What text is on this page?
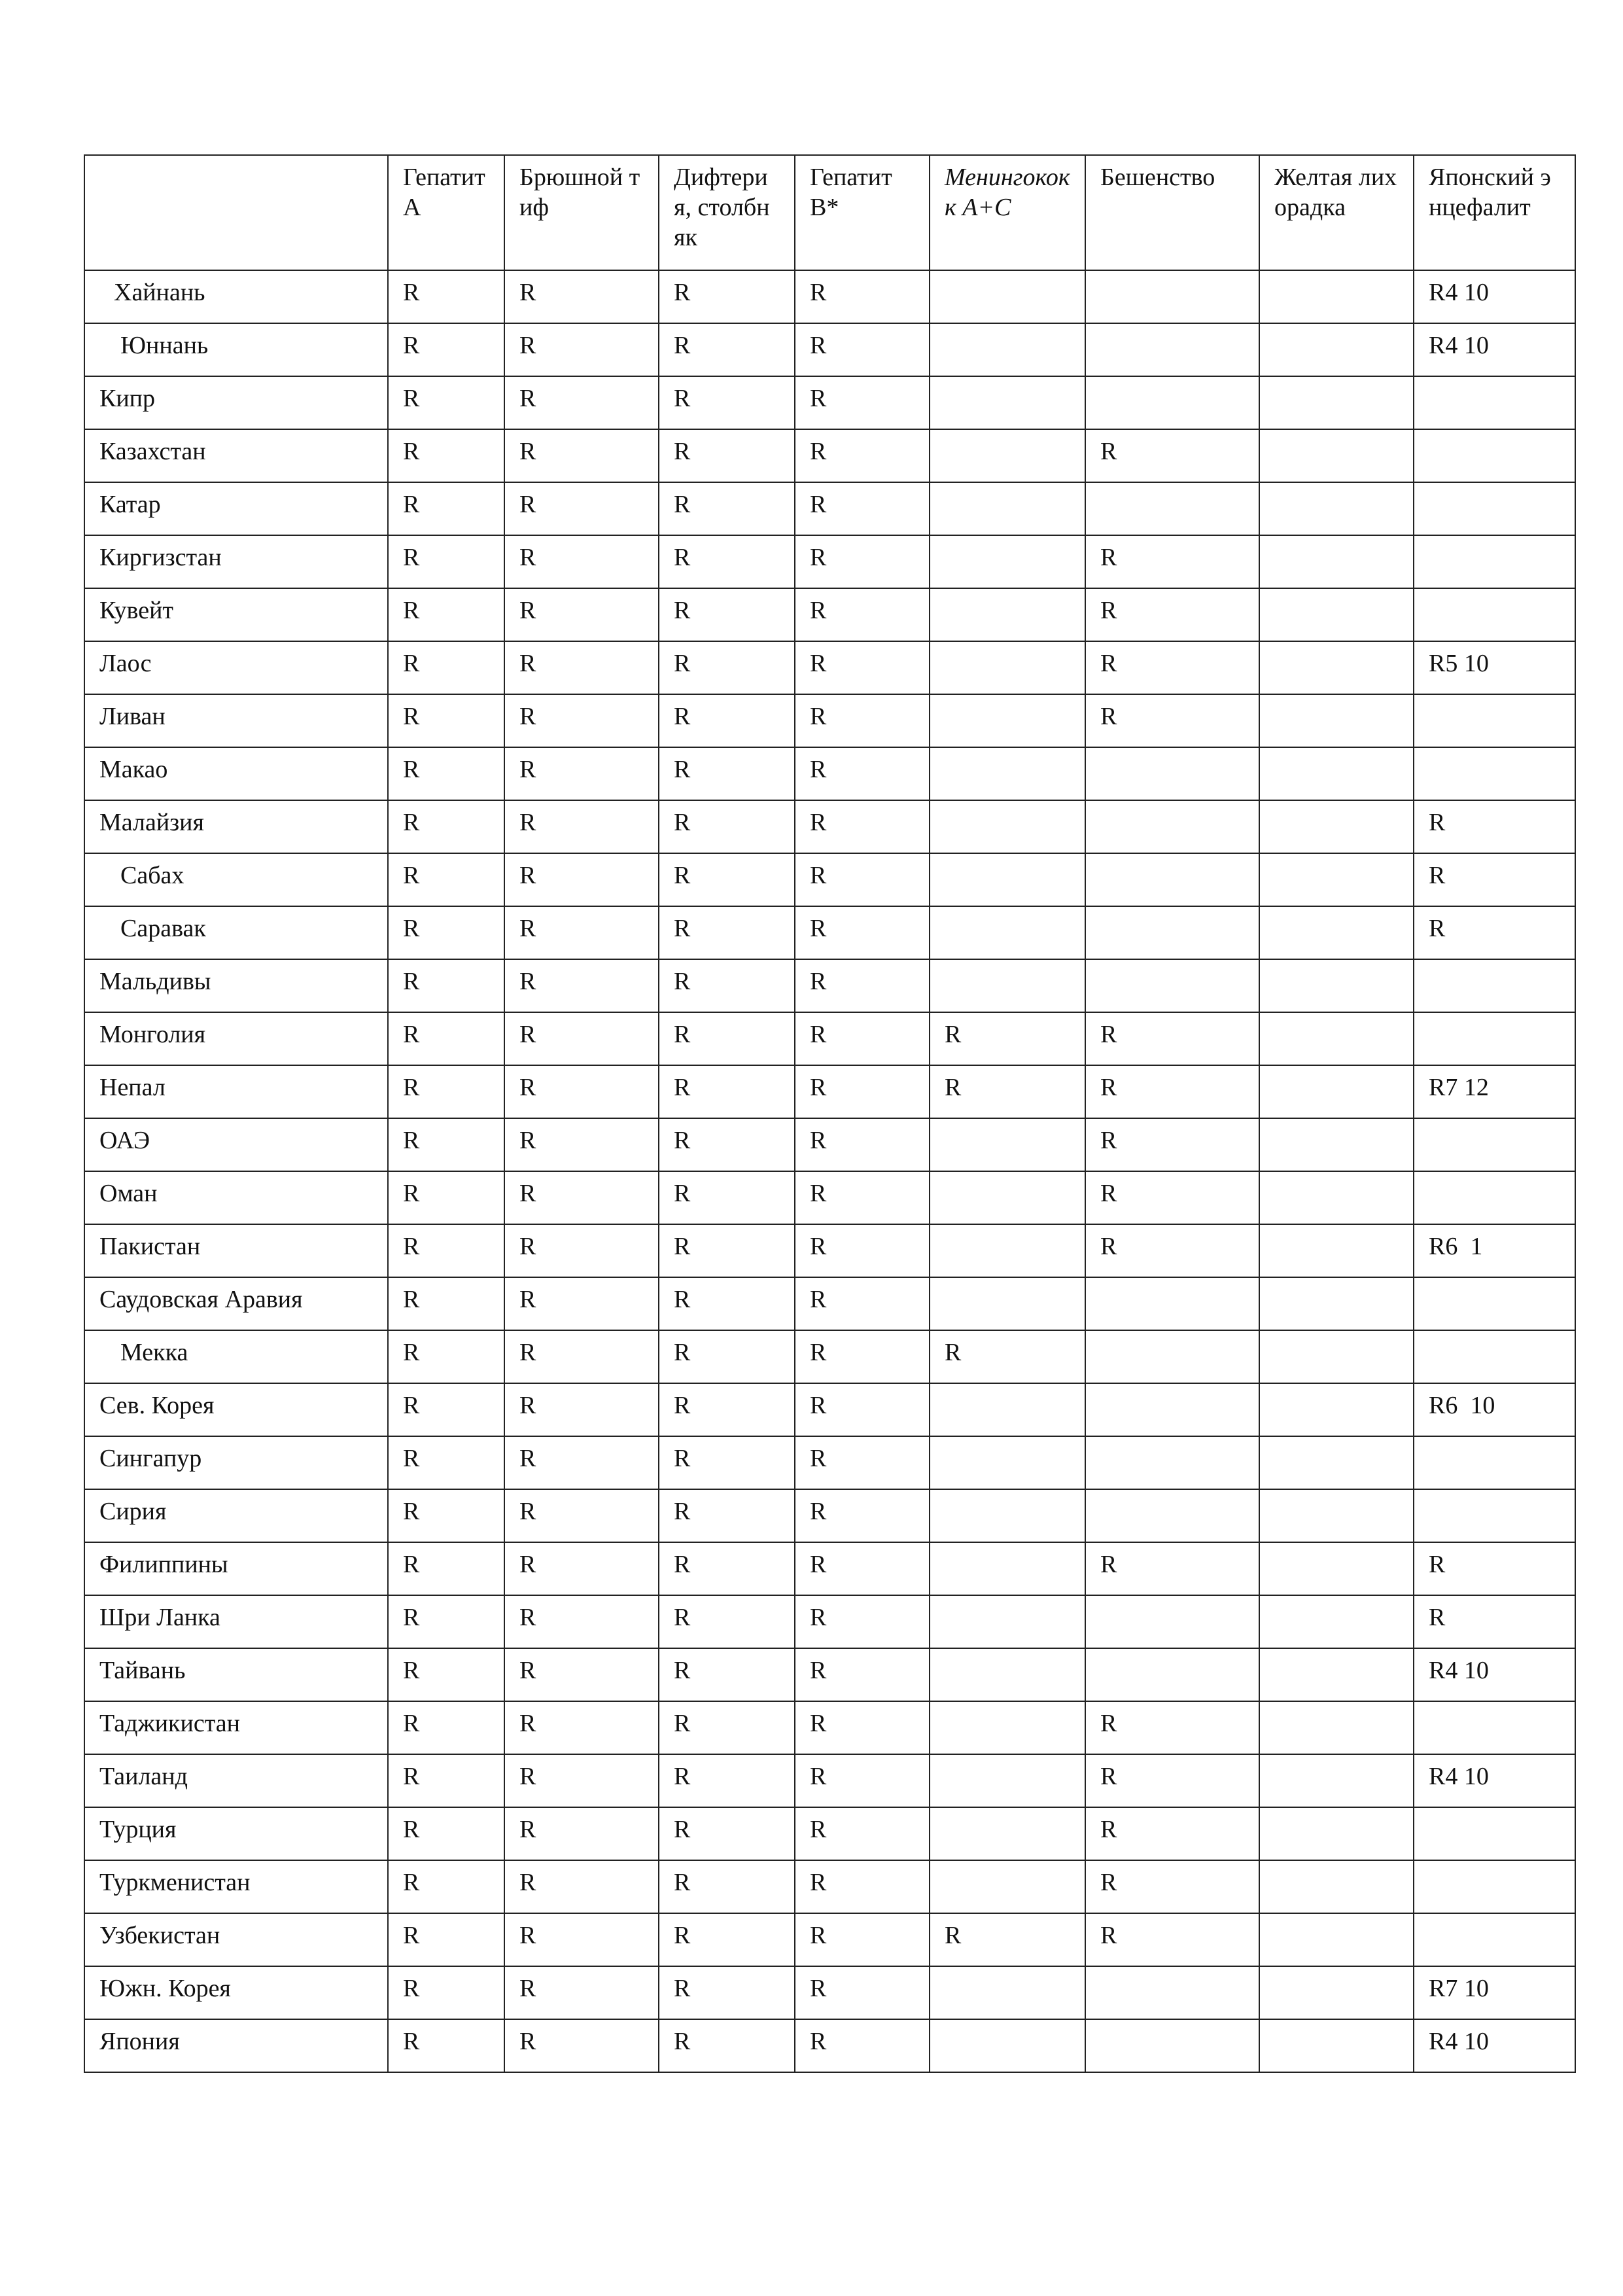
	Гепатит А	Брюшной тиф	Дифтерия, столбняк	Гепатит В*	Менингококк А+С	Бешенство	Желтая лихорадка	Японский энцефалит

Хайнань	R	R	R	R				R4 10
Юннань	R	R	R	R				R4 10
Кипр	R	R	R	R				
Казахстан	R	R	R	R		R		
Катар	R	R	R	R				
Киргизстан	R	R	R	R		R		
Кувейт	R	R	R	R		R		
Лаос	R	R	R	R		R		R5 10
Ливан	R	R	R	R		R		
Макао	R	R	R	R				
Малайзия	R	R	R	R				R
Сабах	R	R	R	R				R
Саравак	R	R	R	R				R
Мальдивы	R	R	R	R				
Монголия	R	R	R	R	R	R		
Непал	R	R	R	R	R	R		R7 12
ОАЭ	R	R	R	R		R		
Оман	R	R	R	R		R		
Пакистан	R	R	R	R		R		R6  1
Саудовская Аравия	R	R	R	R				
Мекка	R	R	R	R	R			
Сев. Корея	R	R	R	R				R6  10
Сингапур	R	R	R	R				
Сирия	R	R	R	R				
Филиппины	R	R	R	R		R		R
Шри Ланка	R	R	R	R				R
Тайвань	R	R	R	R				R4 10
Таджикистан	R	R	R	R		R		
Таиланд	R	R	R	R		R		R4 10
Турция	R	R	R	R		R		
Туркменистан	R	R	R	R		R		
Узбекистан	R	R	R	R	R	R		
Южн. Корея	R	R	R	R				R7 10
Япония	R	R	R	R				R4 10
